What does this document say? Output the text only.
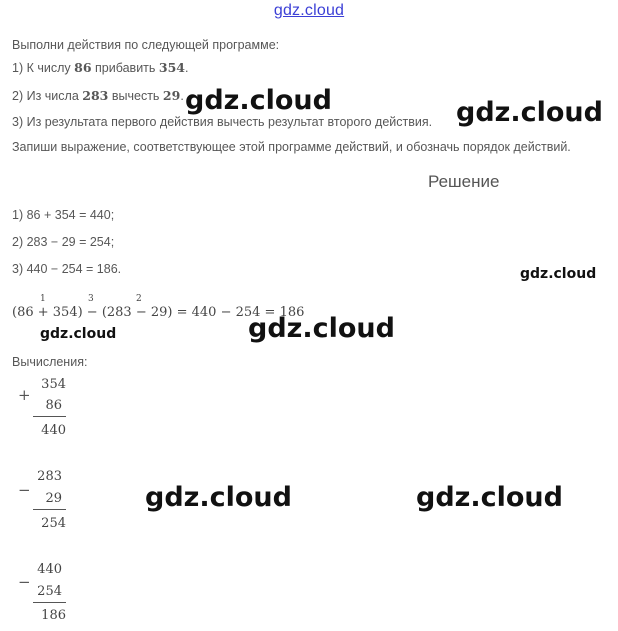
gdz.cloud
Выполни действия по следующей программе:
1) К числу 86 прибавить 354.
2) Из числа 283 вычесть 29.
3) Из результата первого действия вычесть результат второго действия.
Запиши выражение, соответствующее этой программе действий, и обозначь порядок действий.
Решение
1) 86 + 354 = 440;
2) 283 − 29 = 254;
3) 440 − 254 = 186.
1	3	2
(86 + 354) − (283 − 29) = 440 − 254 = 186
Вычисления:
+
354
86
440
−
283
29
254
−
440
254
186
gdz.cloud	gdz.cloud
gdz.cloud
gdz.cloud
gdz.cloud
gdz.cloud	gdz.cloud
